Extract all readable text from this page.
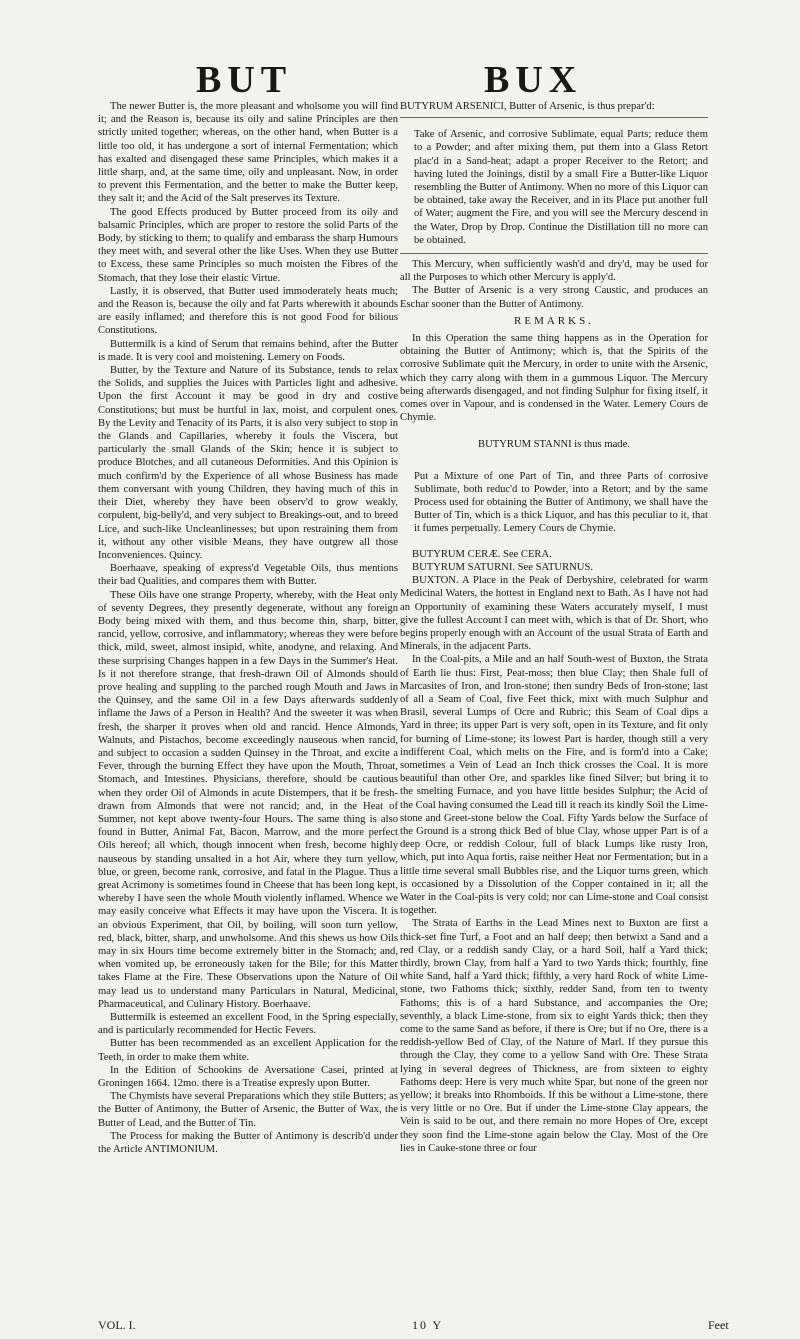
BUT	BUX

The newer Butter is, the more pleasant and wholsome you will find it; and the Reason is, because its oily and saline Principles are then strictly united together; whereas, on the other hand, when Butter is a little too old, it has undergone a sort of internal Fermentation; which has exalted and disengaged these same Principles, which makes it a little sharp, and, at the same time, oily and unpleasant. Now, in order to prevent this Fermentation, and the better to make the Butter keep, they salt it; and the Acid of the Salt preserves its Texture.

The good Effects produced by Butter proceed from its oily and balsamic Principles, which are proper to restore the solid Parts of the Body, by sticking to them; to qualify and embarass the sharp Humours they meet with, and several other the like Uses. When they use Butter to Excess, these same Principles so much moisten the Fibres of the Stomach, that they lose their elastic Virtue.

Lastly, it is observed, that Butter used immoderately heats much; and the Reason is, because the oily and fat Parts wherewith it abounds are easily inflamed; and therefore this is not good Food for bilious Constitutions.

Buttermilk is a kind of Serum that remains behind, after the Butter is made. It is very cool and moistening. Lemery on Foods.

Butter, by the Texture and Nature of its Substance, tends to relax the Solids, and supplies the Juices with Particles light and adhesive. Upon the first Account it may be good in dry and costive Constitutions; but must be hurtful in lax, moist, and corpulent ones. By the Levity and Tenacity of its Parts, it is also very subject to stop in the Glands and Capillaries, whereby it fouls the Viscera, but particularly the small Glands of the Skin; hence it is subject to produce Blotches, and all cutaneous Deformities. And this Opinion is much confirm'd by the Experience of all whose Business has made them conversant with young Children, they having much of this in their Diet, whereby they have been observ'd to grow weakly, corpulent, big-belly'd, and very subject to Breakings-out, and to breed Lice, and such-like Uncleanlinesses; but upon restraining them from it, without any other visible Means, they have outgrew all those Inconveniences. Quincy.

Boerhaave, speaking of express'd Vegetable Oils, thus mentions their bad Qualities, and compares them with Butter.

These Oils have one strange Property, whereby, with the Heat only of seventy Degrees, they presently degenerate, without any foreign Body being mixed with them, and thus become thin, sharp, bitter, rancid, yellow, corrosive, and inflammatory; whereas they were before thick, mild, sweet, almost insipid, white, anodyne, and relaxing. And these surprising Changes happen in a few Days in the Summer's Heat. Is it not therefore strange, that fresh-drawn Oil of Almonds should prove healing and suppling to the parched rough Mouth and Jaws in the Quinsey, and the same Oil in a few Days afterwards suddenly inflame the Jaws of a Person in Health? And the sweeter it was when fresh, the sharper it proves when old and rancid. Hence Almonds, Walnuts, and Pistachos, become exceedingly nauseous when rancid, and subject to occasion a sudden Quinsey in the Throat, and excite a Fever, through the burning Effect they have upon the Mouth, Throat, Stomach, and Intestines. Physicians, therefore, should be cautious when they order Oil of Almonds in acute Distempers, that it be fresh-drawn from Almonds that were not rancid; and, in the Heat of Summer, not kept above twenty-four Hours. The same thing is also found in Butter, Animal Fat, Bacon, Marrow, and the more perfect Oils hereof; all which, though innocent when fresh, become highly nauseous by standing unsalted in a hot Air, where they turn yellow, blue, or green, become rank, corrosive, and fatal in the Plague. Thus a great Acrimony is sometimes found in Cheese that has been long kept, whereby I have seen the whole Mouth violently inflamed. Whence we may easily conceive what Effects it may have upon the Viscera. It is an obvious Experiment, that Oil, by boiling, will soon turn yellow, red, black, bitter, sharp, and unwholsome. And this shews us how Oils may in six Hours time become extremely bitter in the Stomach; and, when vomited up, be erroneously taken for the Bile; for this Matter takes Flame at the Fire. These Observations upon the Nature of Oil may lead us to understand many Particulars in Natural, Medicinal, Pharmaceutical, and Culinary History. Boerhaave.

Buttermilk is esteemed an excellent Food, in the Spring especially, and is particularly recommended for Hectic Fevers.

Butter has been recommended as an excellent Application for the Teeth, in order to make them white.

In the Edition of Schookins de Aversatione Casei, printed at Groningen 1664. 12mo. there is a Treatise expresly upon Butter.

The Chymists have several Preparations which they stile Butters; as the Butter of Antimony, the Butter of Arsenic, the Butter of Wax, the Butter of Lead, and the Butter of Tin.

The Process for making the Butter of Antimony is describ'd under the Article ANTIMONIUM.

BUTYRUM ARSENICI, Butter of Arsenic, is thus prepar'd:

Take of Arsenic, and corrosive Sublimate, equal Parts; reduce them to a Powder; and after mixing them, put them into a Glass Retort plac'd in a Sand-heat; adapt a proper Receiver to the Retort; and having luted the Joinings, distil by a small Fire a Butter-like Liquor resembling the Butter of Antimony. When no more of this Liquor can be obtained, take away the Receiver, and in its Place put another full of Water; augment the Fire, and you will see the Mercury descend in the Water, Drop by Drop. Continue the Distillation till no more can be obtained.

This Mercury, when sufficiently wash'd and dry'd, may be used for all the Purposes to which other Mercury is apply'd.

The Butter of Arsenic is a very strong Caustic, and produces an Eschar sooner than the Butter of Antimony.

REMARKS.

In this Operation the same thing happens as in the Operation for obtaining the Butter of Antimony; which is, that the Spirits of the corrosive Sublimate quit the Mercury, in order to unite with the Arsenic, which they carry along with them in a gummous Liquor. The Mercury being afterwards disengaged, and not finding Sulphur for fixing itself, it comes over in Vapour, and is condensed in the Water. Lemery Cours de Chymie.

BUTYRUM STANNI is thus made.

Put a Mixture of one Part of Tin, and three Parts of corrosive Sublimate, both reduc'd to Powder, into a Retort; and by the same Process used for obtaining the Butter of Antimony, we shall have the Butter of Tin, which is a thick Liquor, and has this peculiar to it, that it fumes perpetually. Lemery Cours de Chymie.

BUTYRUM CERÆ. See CERA.

BUTYRUM SATURNI. See SATURNUS.

BUXTON. A Place in the Peak of Derbyshire, celebrated for warm Medicinal Waters, the hottest in England next to Bath. As I have not had an Opportunity of examining these Waters accurately myself, I must give the fullest Account I can meet with, which is that of Dr. Short, who begins properly enough with an Account of the usual Strata of Earth and Minerals, in the adjacent Parts.

In the Coal-pits, a Mile and an half South-west of Buxton, the Strata of Earth lie thus: First, Peat-moss; then blue Clay; then Shale full of Marcasites of Iron, and Iron-stone; then sundry Beds of Iron-stone; last of all a Seam of Coal, five Feet thick, mixt with much Sulphur and Brasil, several Lumps of Ocre and Rubric; this Seam of Coal dips a Yard in three; its upper Part is very soft, open in its Texture, and fit only for burning of Lime-stone; its lowest Part is harder, though still a very indifferent Coal, which melts on the Fire, and is form'd into a Cake; sometimes a Vein of Lead an Inch thick crosses the Coal. It is more beautiful than other Ore, and sparkles like fined Silver; but bring it to the smelting Furnace, and you have little besides Sulphur; the Acid of the Coal having consumed the Lead till it reach its kindly Soil the Lime-stone and Greet-stone below the Coal. Fifty Yards below the Surface of the Ground is a strong thick Bed of blue Clay, whose upper Part is of a deep Ocre, or reddish Colour, full of black Lumps like rusty Iron, which, put into Aqua fortis, raise neither Heat nor Fermentation; but in a little time several small Bubbles rise, and the Liquor turns green, which is occasioned by a Dissolution of the Copper contained in it; all the Water in the Coal-pits is very cold; nor can Lime-stone and Coal consist together.

The Strata of Earths in the Lead Mines next to Buxton are first a thick-set fine Turf, a Foot and an half deep; then betwixt a Sand and a red Clay, or a reddish sandy Clay, or a hard Soil, half a Yard thick; thirdly, brown Clay, from half a Yard to two Yards thick; fourthly, fine white Sand, half a Yard thick; fifthly, a very hard Rock of white Lime-stone, two Fathoms thick; sixthly, redder Sand, from ten to twenty Fathoms; this is of a hard Substance, and accompanies the Ore; seventhly, a black Lime-stone, from six to eight Yards thick; then they come to the same Sand as before, if there is Ore; but if no Ore, there is a reddish-yellow Bed of Clay, of the Nature of Marl. If they pursue this through the Clay, they come to a yellow Sand with Ore. These Strata lying in several degrees of Thickness, are from sixteen to eighty Fathoms deep: Here is very much white Spar, but none of the green nor yellow; it breaks into Rhomboids. If this be without a Lime-stone, there is very little or no Ore. But if under the Lime-stone Clay appears, the Vein is said to be out, and there remain no more Hopes of Ore, except they soon find the Lime-stone again below the Clay. Most of the Ore lies in Cauke-stone three or four

VOL. I.	10 Y	Feet
